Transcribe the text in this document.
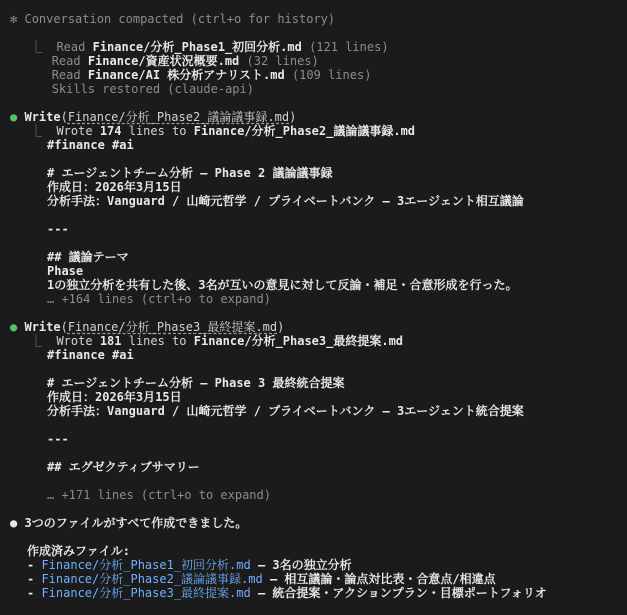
✻ Conversation compacted (ctrl+o for history)
⎿  Read Finance/分析_Phase1_初回分析.md (121 lines)
Read Finance/資産状況概要.md (32 lines)
Read Finance/AI 株分析アナリスト.md (109 lines)
Skills restored (claude-api)
● Write(Finance/分析_Phase2_議論議事録.md)
⎿  Wrote 174 lines to Finance/分析_Phase2_議論議事録.md
#finance #ai
# エージェントチーム分析 — Phase 2 議論議事録
作成日：2026年3月15日
分析手法：Vanguard / 山崎元哲学 / プライベートバンク — 3エージェント相互議論
---
## 議論テーマ
Phase
1の独立分析を共有した後、3名が互いの意見に対して反論・補足・合意形成を行った。
… +164 lines (ctrl+o to expand)
● Write(Finance/分析_Phase3_最終提案.md)
⎿  Wrote 181 lines to Finance/分析_Phase3_最終提案.md
#finance #ai
# エージェントチーム分析 — Phase 3 最終統合提案
作成日：2026年3月15日
分析手法：Vanguard / 山崎元哲学 / プライベートバンク — 3エージェント統合提案
---
## エグゼクティブサマリー
… +171 lines (ctrl+o to expand)
● 3つのファイルがすべて作成できました。
作成済みファイル:
- Finance/分析_Phase1_初回分析.md — 3名の独立分析
- Finance/分析_Phase2_議論議事録.md — 相互議論・論点対比表・合意点/相違点
- Finance/分析_Phase3_最終提案.md — 統合提案・アクションプラン・目標ポートフォリオ
